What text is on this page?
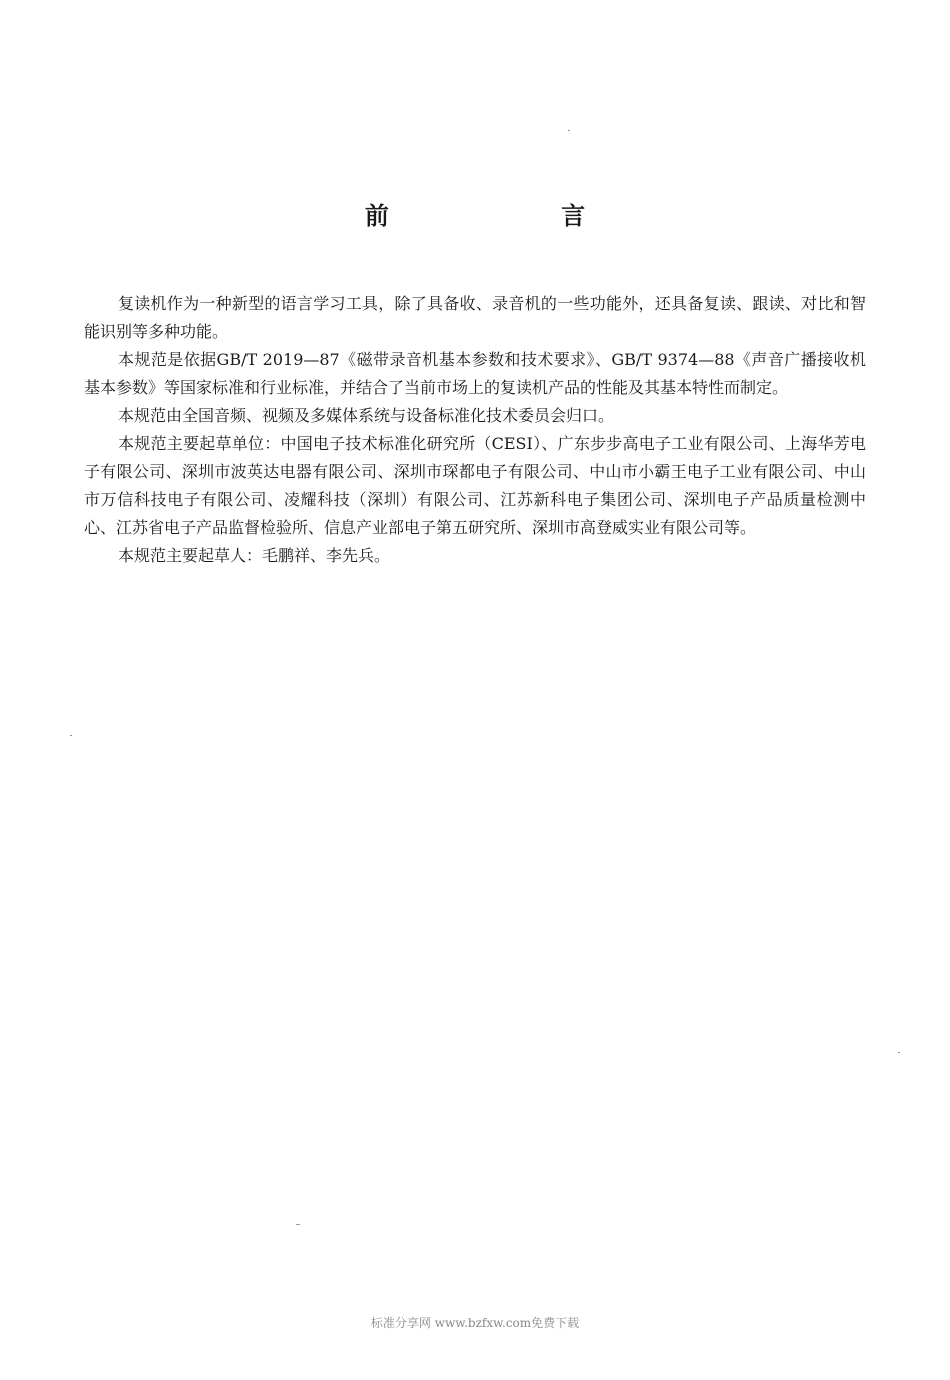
前 言

复读机作为一种新型的语言学习工具，除了具备收、录音机的一些功能外，还具备复读、跟读、对比和智能识别等多种功能。

本规范是依据GB/T 2019—87《磁带录音机基本参数和技术要求》、GB/T 9374—88《声音广播接收机基本参数》等国家标准和行业标准，并结合了当前市场上的复读机产品的性能及其基本特性而制定。

本规范由全国音频、视频及多媒体系统与设备标准化技术委员会归口。

本规范主要起草单位：中国电子技术标准化研究所（CESI）、广东步步高电子工业有限公司、上海华芳电子有限公司、深圳市波英达电器有限公司、深圳市琛都电子有限公司、中山市小霸王电子工业有限公司、中山市万信科技电子有限公司、凌耀科技（深圳）有限公司、江苏新科电子集团公司、深圳电子产品质量检测中心、江苏省电子产品监督检验所、信息产业部电子第五研究所、深圳市高登威实业有限公司等。

本规范主要起草人：毛鹏祥、李先兵。

标准分享网 www.bzfxw.com免费下载
